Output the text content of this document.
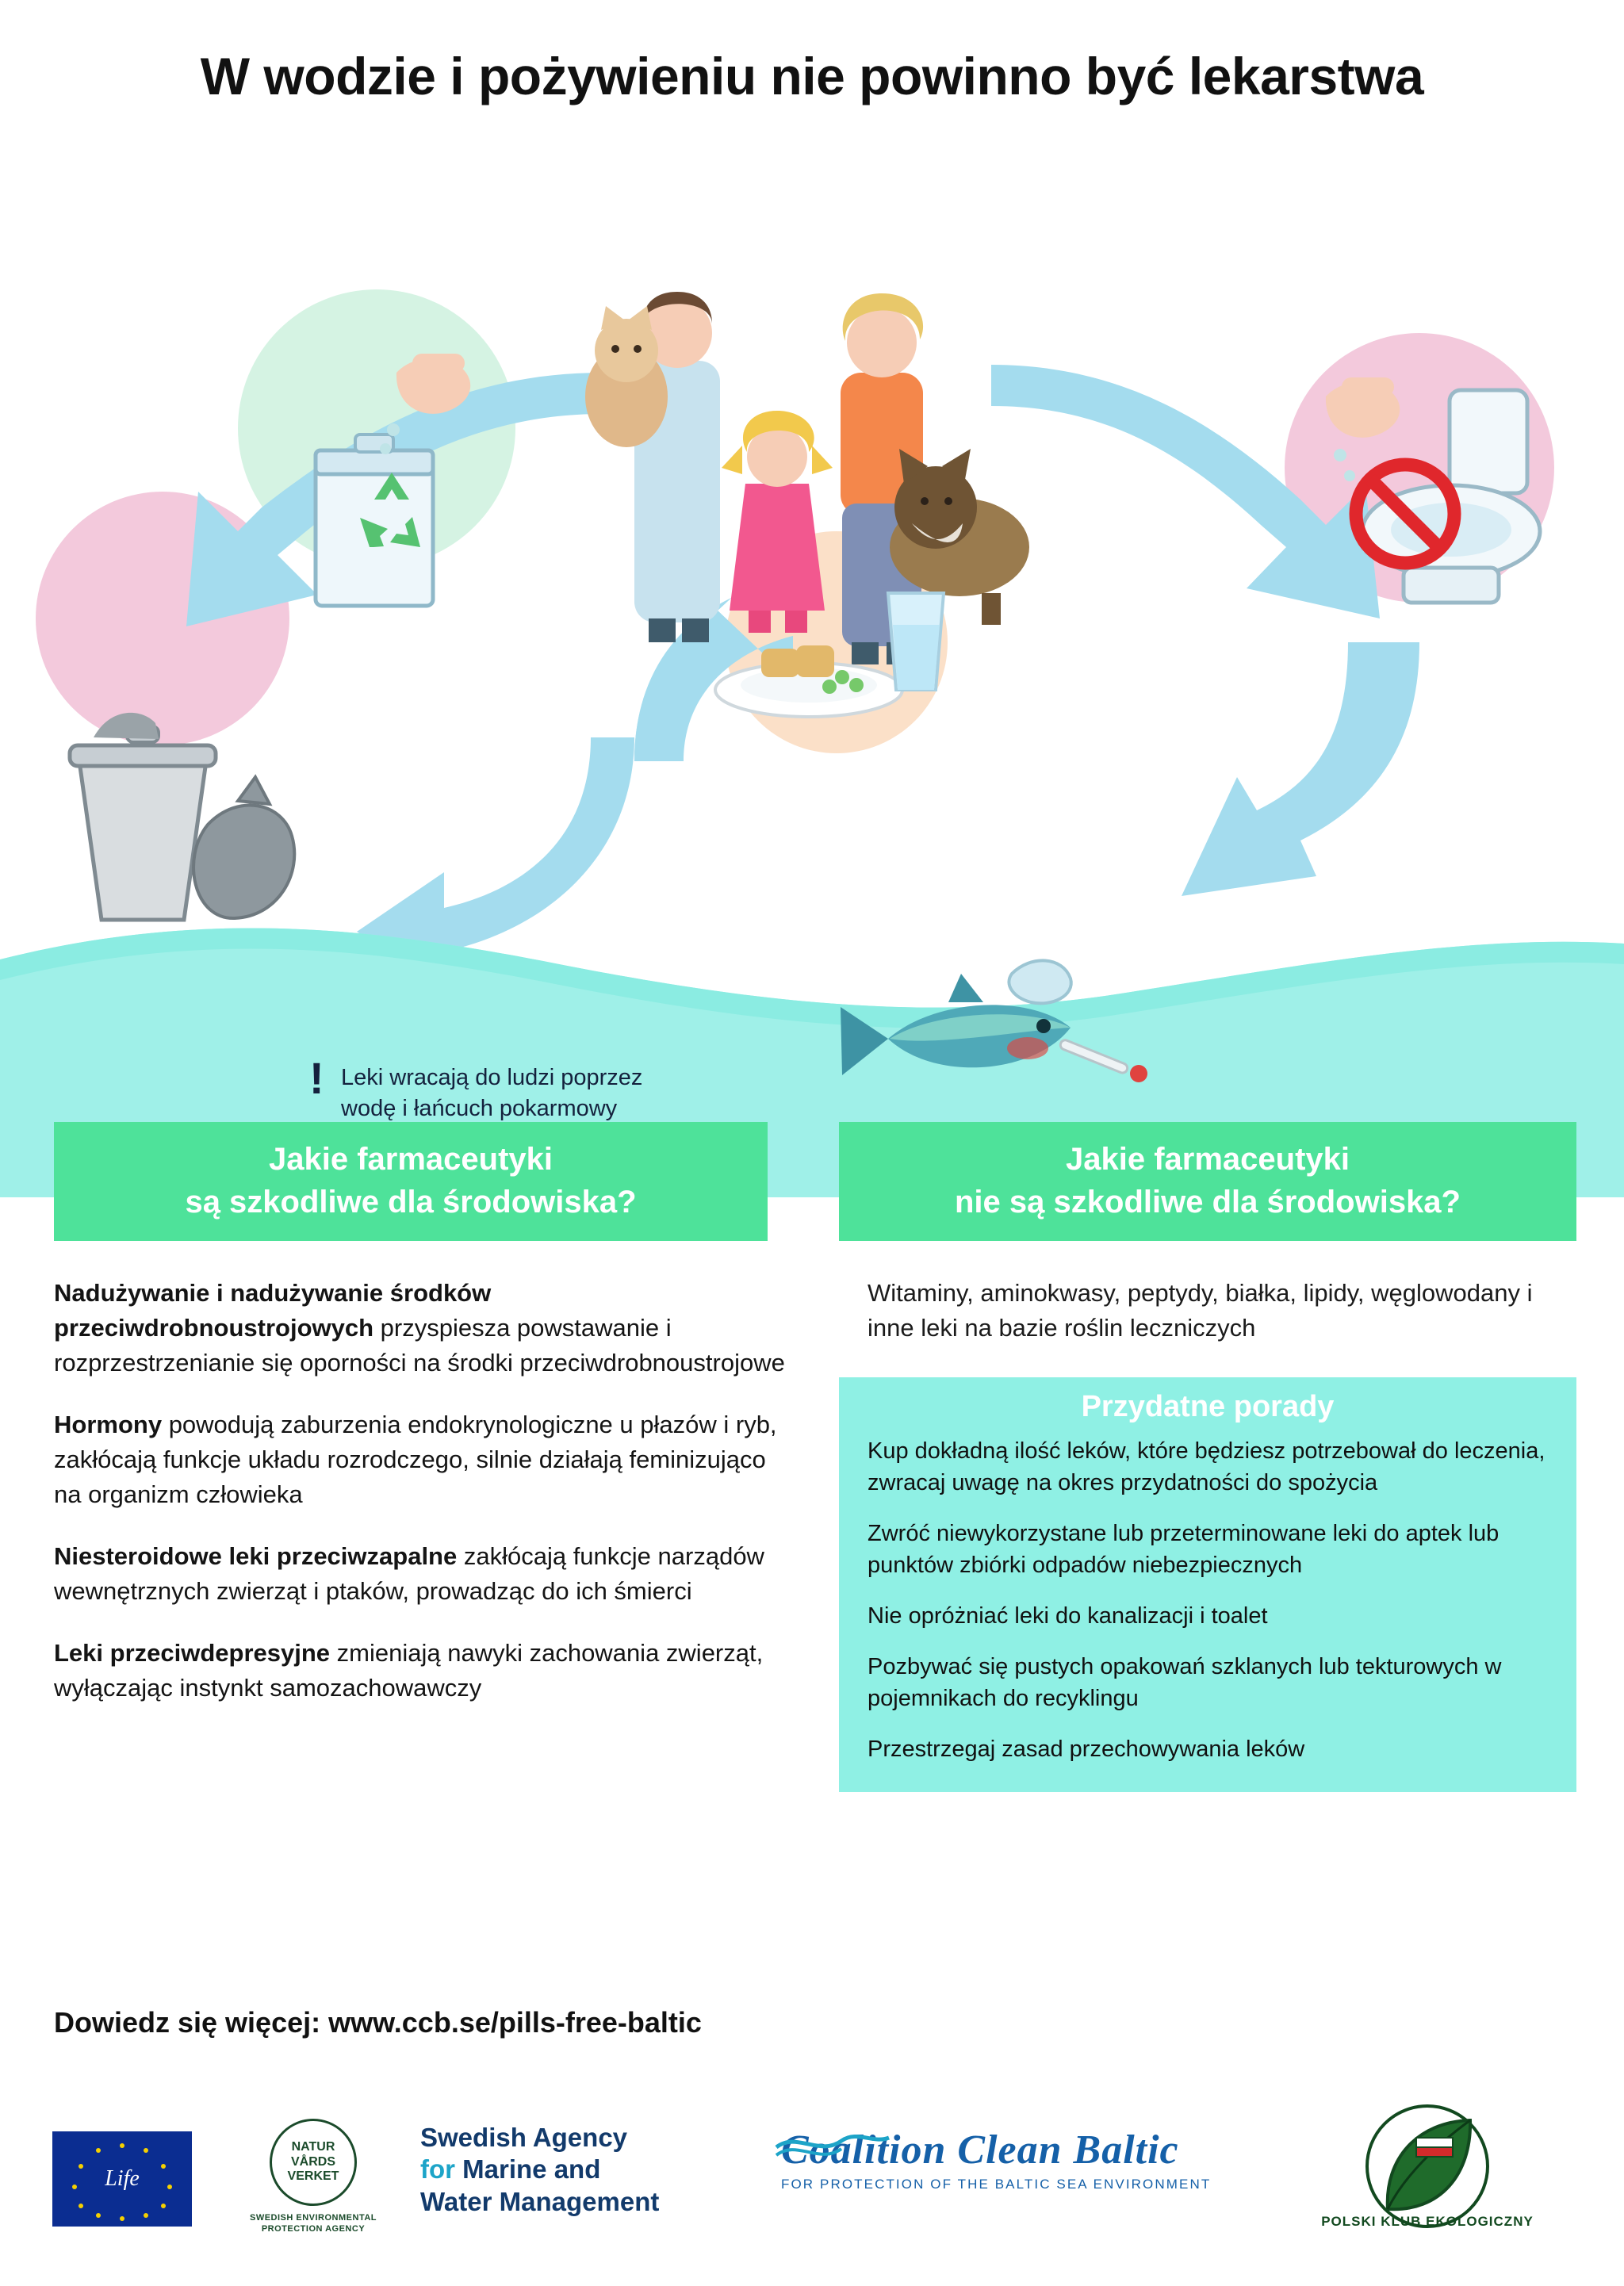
W wodzie i pożywieniu nie powinno być lekarstwa
! Leki wracają do ludzi poprzez
wodę i łańcuch pokarmowy
Jakie farmaceutyki
są szkodliwe dla środowiska?
Nadużywanie i nadużywanie środków przeciwdrobnoustrojowych przyspiesza powstawanie i rozprzestrzenianie się oporności na środki przeciwdrobnoustrojowe
Hormony powodują zaburzenia endokrynologiczne u płazów i ryb, zakłócają funkcje układu rozrodczego, silnie działają feminizująco na organizm człowieka
Niesteroidowe leki przeciwzapalne zakłócają funkcje narządów wewnętrznych zwierząt i ptaków, prowadząc do ich śmierci
Leki przeciwdepresyjne zmieniają nawyki zachowania zwierząt, wyłączając instynkt samozachowawczy
Jakie farmaceutyki
nie są szkodliwe dla środowiska?
Witaminy, aminokwasy, peptydy, białka, lipidy, węglowodany i inne leki na bazie roślin leczniczych
Przydatne porady
Kup dokładną ilość leków, które będziesz potrzebował do leczenia, zwracaj uwagę na okres przydatności do spożycia
Zwróć niewykorzystane lub przeterminowane leki do aptek lub punktów zbiórki odpadów niebezpiecznych
Nie opróżniać leki do kanalizacji i toalet
Pozbywać się pustych opakowań szklanych lub tekturowych w pojemnikach do recyklingu
Przestrzegaj zasad przechowywania leków
Dowiedz się więcej: www.ccb.se/pills-free-baltic
Life
NATUR
VÅRDS
VERKET
SWEDISH ENVIRONMENTAL
PROTECTION AGENCY
Swedish Agency
for Marine and
Water Management
Coalition Clean Baltic
FOR PROTECTION OF THE BALTIC SEA ENVIRONMENT
POLSKI KLUB EKOLOGICZNY
